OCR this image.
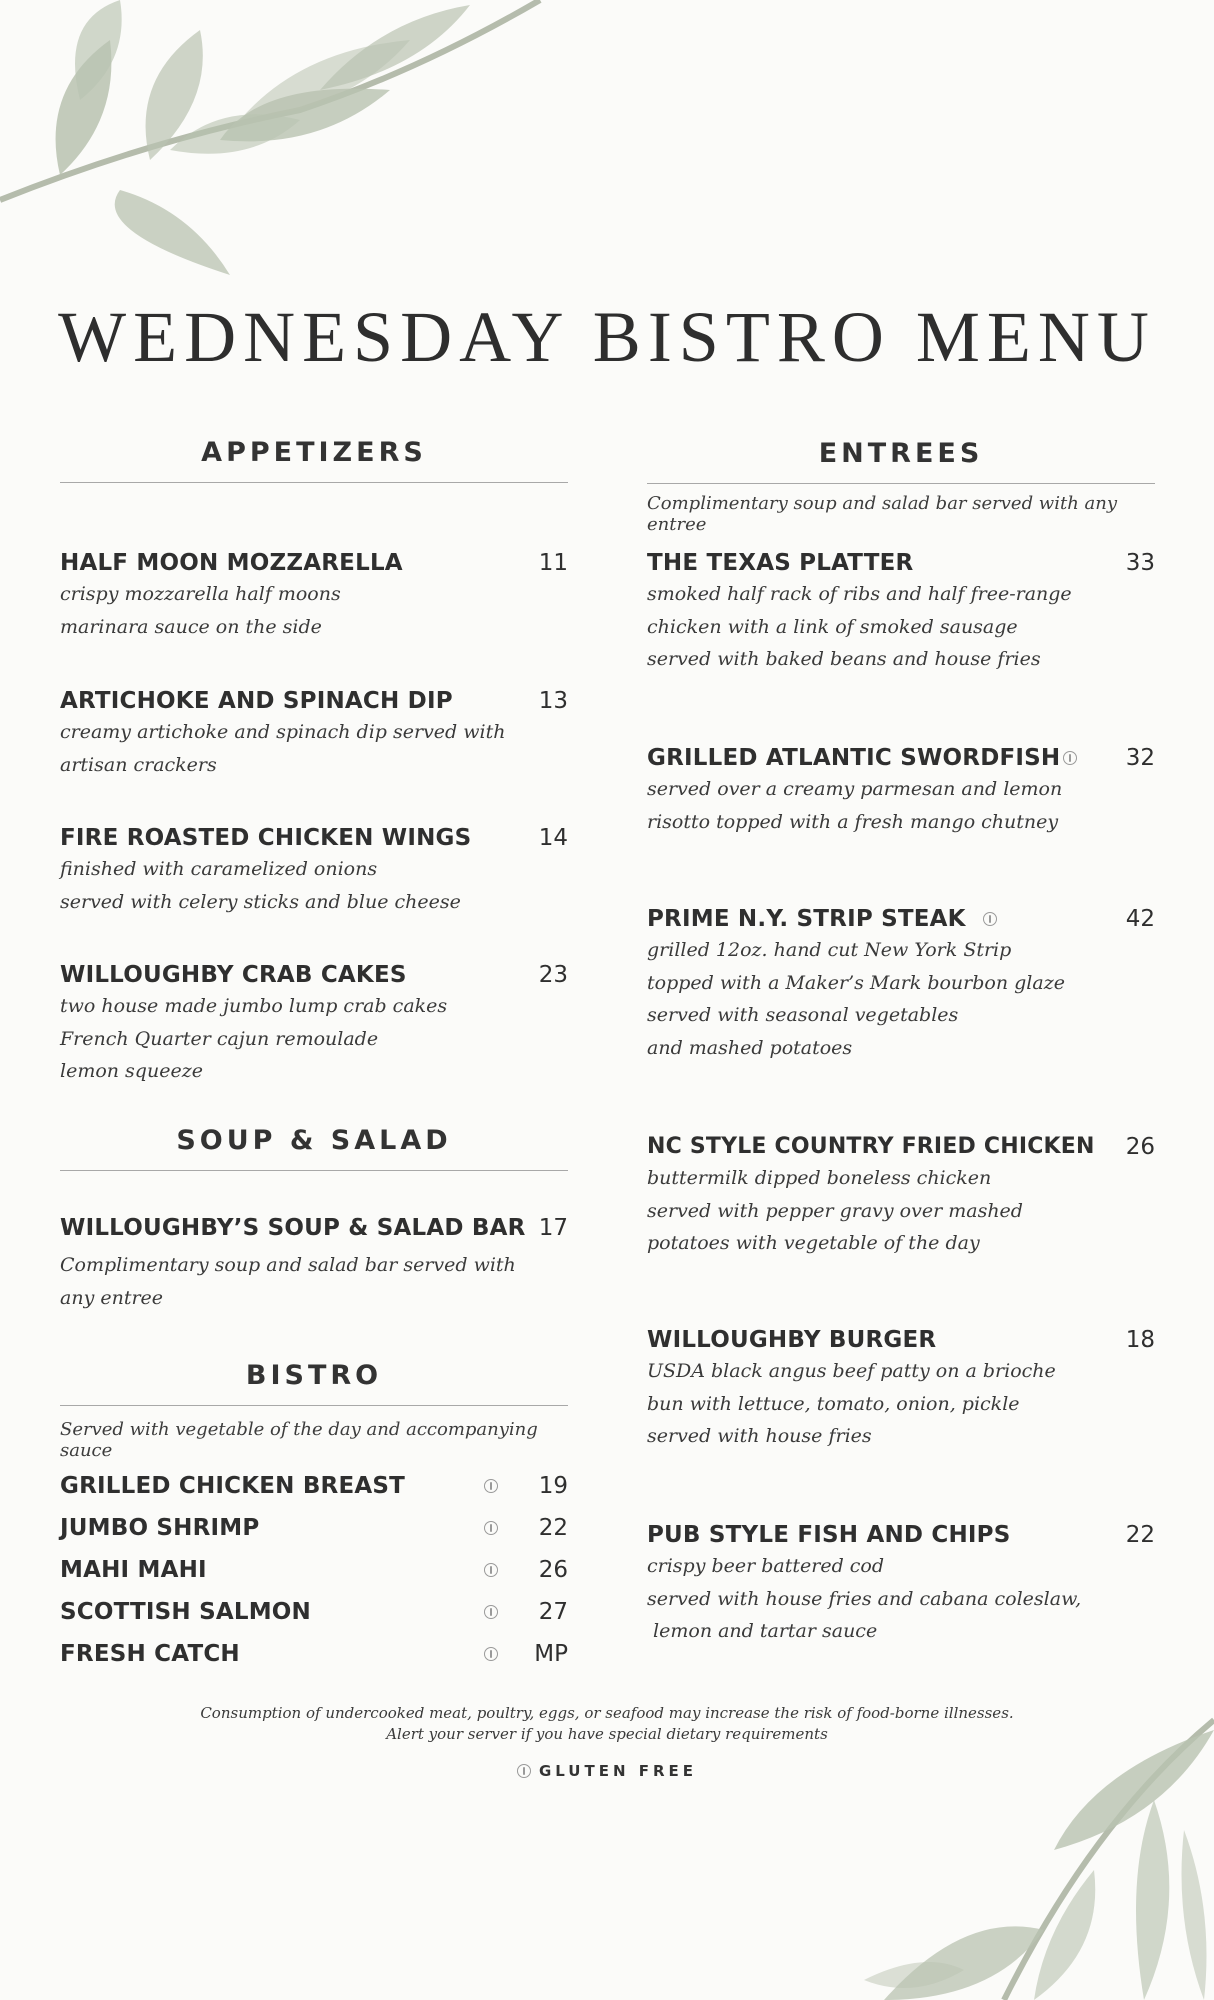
WEDNESDAY BISTRO MENU
APPETIZERS
HALF MOON MOZZARELLA	11
crispy mozzarella half moons
marinara sauce on the side
ARTICHOKE AND SPINACH DIP	13
creamy artichoke and spinach dip served with
artisan crackers
FIRE ROASTED CHICKEN WINGS	14
finished with caramelized onions
served with celery sticks and blue cheese
WILLOUGHBY CRAB CAKES	23
two house made jumbo lump crab cakes
French Quarter cajun remoulade
lemon squeeze
SOUP & SALAD
WILLOUGHBY’S SOUP & SALAD BAR 17
Complimentary soup and salad bar served with
any entree
BISTRO
Served with vegetable of the day and accompanying sauce
GRILLED CHICKEN BREAST	19
JUMBO SHRIMP	22
MAHI MAHI	26
SCOTTISH SALMON	27
FRESH CATCH	MP
ENTREES
Complimentary soup and salad bar served with any entree
THE TEXAS PLATTER	33
smoked half rack of ribs and half free-range
chicken with a link of smoked sausage
served with baked beans and house fries
GRILLED ATLANTIC SWORDFISH	32
served over a creamy parmesan and lemon
risotto topped with a fresh mango chutney
PRIME N.Y. STRIP STEAK	42
grilled 12oz. hand cut New York Strip
topped with a Maker’s Mark bourbon glaze
served with seasonal vegetables
and mashed potatoes
NC STYLE COUNTRY FRIED CHICKEN	26
buttermilk dipped boneless chicken
served with pepper gravy over mashed
potatoes with vegetable of the day
WILLOUGHBY BURGER	18
USDA black angus beef patty on a brioche
bun with lettuce, tomato, onion, pickle
served with house fries
PUB STYLE FISH AND CHIPS	22
crispy beer battered cod
served with house fries and cabana coleslaw,
lemon and tartar sauce
Consumption of undercooked meat, poultry, eggs, or seafood may increase the risk of food-borne illnesses.
Alert your server if you have special dietary requirements
GLUTEN FREE
